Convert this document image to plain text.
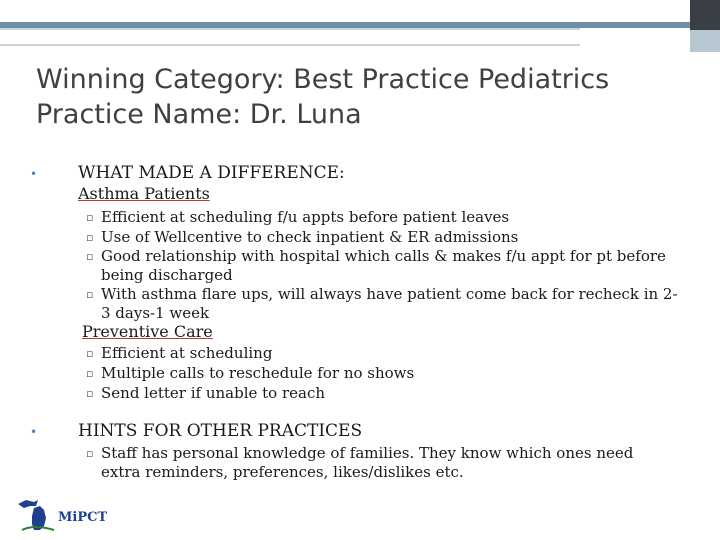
Winning Category: Best Practice Pediatrics
Practice Name: Dr. Luna
• WHAT MADE A DIFFERENCE:
Asthma Patients
▫ Efficient at scheduling f/u appts before patient leaves
▫ Use of Wellcentive to check inpatient & ER admissions
▫ Good relationship with hospital which calls & makes f/u appt for pt before being discharged
▫ With asthma flare ups, will always have patient come back for recheck in 2-3 days-1 week
Preventive Care
▫ Efficient at scheduling
▫ Multiple calls to reschedule for no shows
▫ Send letter if unable to reach
• HINTS FOR OTHER PRACTICES
▫ Staff has personal knowledge of families. They know which ones need extra reminders, preferences, likes/dislikes etc.
MiPCT
